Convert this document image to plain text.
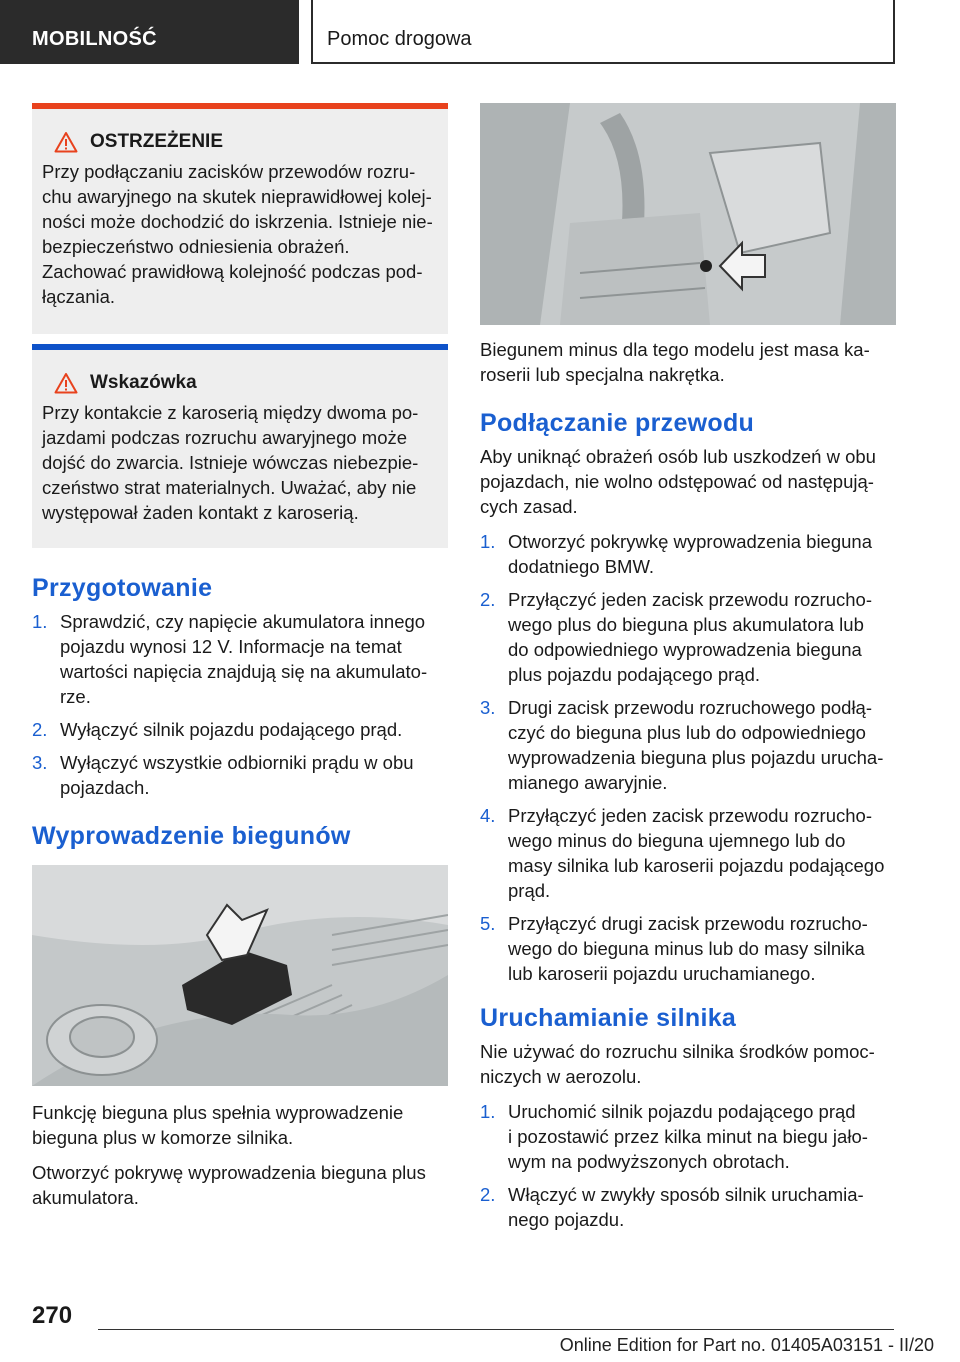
MOBILNOŚĆ	Pomoc drogowa
OSTRZEŻENIE

Przy podłączaniu zacisków przewodów rozru-
chu awaryjnego na skutek nieprawidłowej kolej-
ności może dochodzić do iskrzenia. Istnieje nie-
bezpieczeństwo odniesienia obrażeń.
Zachować prawidłową kolejność podczas pod-
łączania.

Wskazówka

Przy kontakcie z karoserią między dwoma po-
jazdami podczas rozruchu awaryjnego może
dojść do zwarcia. Istnieje wówczas niebezpie-
czeństwo strat materialnych. Uważać, aby nie
występował żaden kontakt z karoserią.

Przygotowanie
1. Sprawdzić, czy napięcie akumulatora innego
pojazdu wynosi 12 V. Informacje na temat
wartości napięcia znajdują się na akumulato-
rze.
2. Wyłączyć silnik pojazdu podającego prąd.
3. Wyłączyć wszystkie odbiorniki prądu w obu
pojazdach.
Wyprowadzenie biegunów

Funkcję bieguna plus spełnia wyprowadzenie
bieguna plus w komorze silnika.

Otworzyć pokrywę wyprowadzenia bieguna plus
akumulatora.

Biegunem minus dla tego modelu jest masa ka-
roserii lub specjalna nakrętka.

Podłączanie przewodu

Aby uniknąć obrażeń osób lub uszkodzeń w obu
pojazdach, nie wolno odstępować od następują-
cych zasad.

1. Otworzyć pokrywkę wyprowadzenia bieguna
dodatniego BMW.
2. Przyłączyć jeden zacisk przewodu rozrucho-
wego plus do bieguna plus akumulatora lub
do odpowiedniego wyprowadzenia bieguna
plus pojazdu podającego prąd.
3. Drugi zacisk przewodu rozruchowego podłą-
czyć do bieguna plus lub do odpowiedniego
wyprowadzenia bieguna plus pojazdu urucha-
mianego awaryjnie.
4. Przyłączyć jeden zacisk przewodu rozrucho-
wego minus do bieguna ujemnego lub do
masy silnika lub karoserii pojazdu podającego
prąd.
5. Przyłączyć drugi zacisk przewodu rozrucho-
wego do bieguna minus lub do masy silnika
lub karoserii pojazdu uruchamianego.
Uruchamianie silnika

Nie używać do rozruchu silnika środków pomoc-
niczych w aerozolu.

1. Uruchomić silnik pojazdu podającego prąd
i pozostawić przez kilka minut na biegu jało-
wym na podwyższonych obrotach.
2. Włączyć w zwykły sposób silnik uruchamia-
nego pojazdu.
270
Online Edition for Part no. 01405A03151 - II/20
